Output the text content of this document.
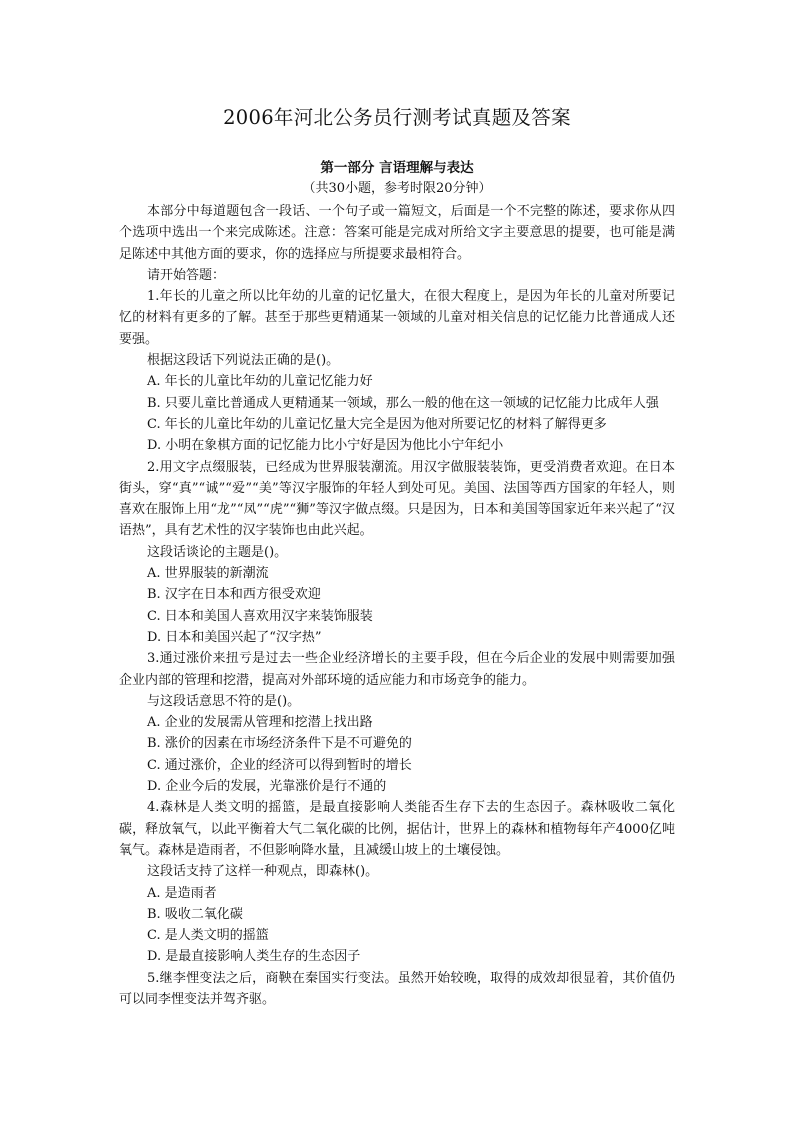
2006年河北公务员行测考试真题及答案
第一部分 言语理解与表达
（共30小题，参考时限20分钟）

本部分中每道题包含一段话、一个句子或一篇短文，后面是一个不完整的陈述，要求你从四个选项中选出一个来完成陈述。注意：答案可能是完成对所给文字主要意思的提要，也可能是满足陈述中其他方面的要求，你的选择应与所提要求最相符合。

请开始答题：

1.年长的儿童之所以比年幼的儿童的记忆量大，在很大程度上，是因为年长的儿童对所要记忆的材料有更多的了解。甚至于那些更精通某一领域的儿童对相关信息的记忆能力比普通成人还要强。

根据这段话下列说法正确的是()。

A. 年长的儿童比年幼的儿童记忆能力好

B. 只要儿童比普通成人更精通某一领域，那么一般的他在这一领域的记忆能力比成年人强

C. 年长的儿童比年幼的儿童记忆量大完全是因为他对所要记忆的材料了解得更多

D. 小明在象棋方面的记忆能力比小宁好是因为他比小宁年纪小

2.用文字点缀服装，已经成为世界服装潮流。用汉字做服装装饰，更受消费者欢迎。在日本街头，穿“真”“诚”“爱”“美”等汉字服饰的年轻人到处可见。美国、法国等西方国家的年轻人，则喜欢在服饰上用“龙”“凤”“虎”“狮”等汉字做点缀。只是因为，日本和美国等国家近年来兴起了“汉语热”，具有艺术性的汉字装饰也由此兴起。

这段话谈论的主题是()。

A. 世界服装的新潮流

B. 汉字在日本和西方很受欢迎

C. 日本和美国人喜欢用汉字来装饰服装

D. 日本和美国兴起了“汉字热”

3.通过涨价来扭亏是过去一些企业经济增长的主要手段，但在今后企业的发展中则需要加强企业内部的管理和挖潜，提高对外部环境的适应能力和市场竞争的能力。

与这段话意思不符的是()。

A. 企业的发展需从管理和挖潜上找出路

B. 涨价的因素在市场经济条件下是不可避免的

C. 通过涨价，企业的经济可以得到暂时的增长

D. 企业今后的发展，光靠涨价是行不通的

4.森林是人类文明的摇篮，是最直接影响人类能否生存下去的生态因子。森林吸收二氧化碳，释放氧气，以此平衡着大气二氧化碳的比例，据估计，世界上的森林和植物每年产4000亿吨氧气。森林是造雨者，不但影响降水量，且减缓山坡上的土壤侵蚀。

这段话支持了这样一种观点，即森林()。

A. 是造雨者

B. 吸收二氧化碳

C. 是人类文明的摇篮

D. 是最直接影响人类生存的生态因子

5.继李悝变法之后，商鞅在秦国实行变法。虽然开始较晚，取得的成效却很显着，其价值仍可以同李悝变法并驾齐驱。
